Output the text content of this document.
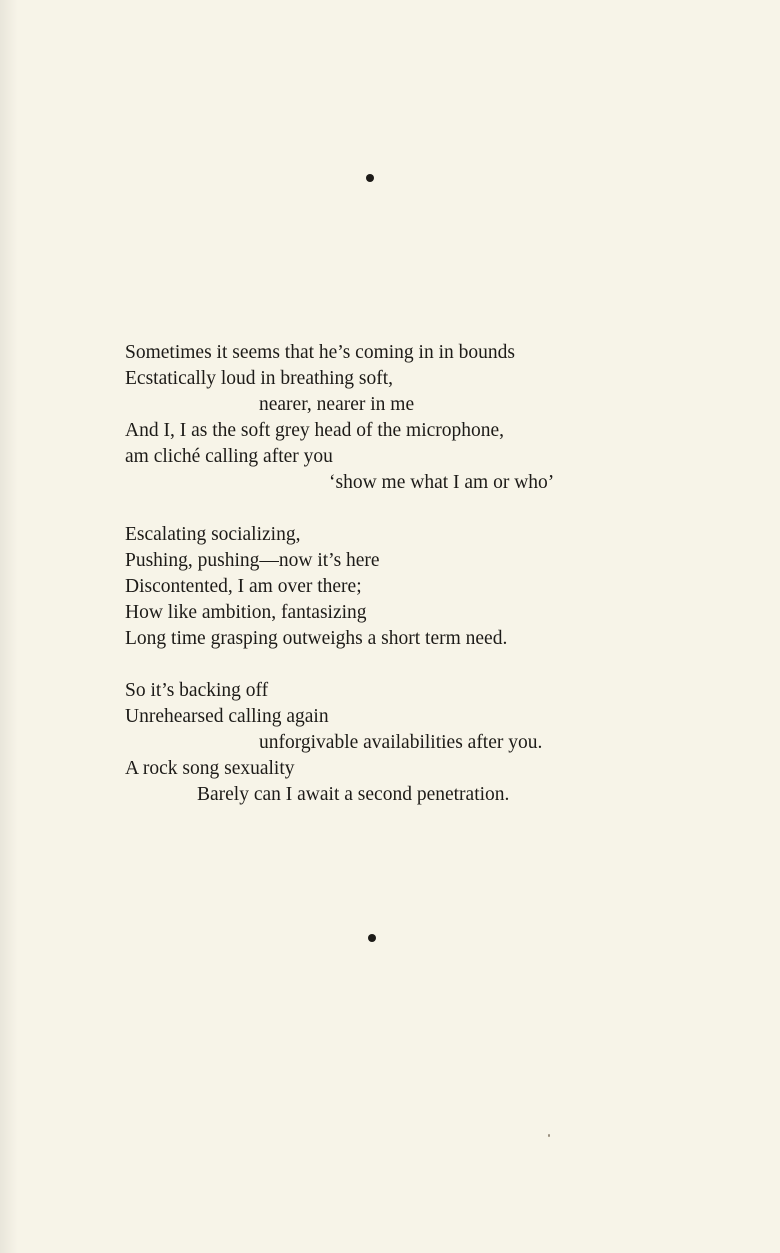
Sometimes it seems that he’s coming in in bounds
Ecstatically loud in breathing soft,
nearer, nearer in me
And I, I as the soft grey head of the microphone,
am cliché calling after you
‘show me what I am or who’

Escalating socializing,
Pushing, pushing—now it’s here
Discontented, I am over there;
How like ambition, fantasizing
Long time grasping outweighs a short term need.

So it’s backing off
Unrehearsed calling again
unforgivable availabilities after you.
A rock song sexuality
Barely can I await a second penetration.
